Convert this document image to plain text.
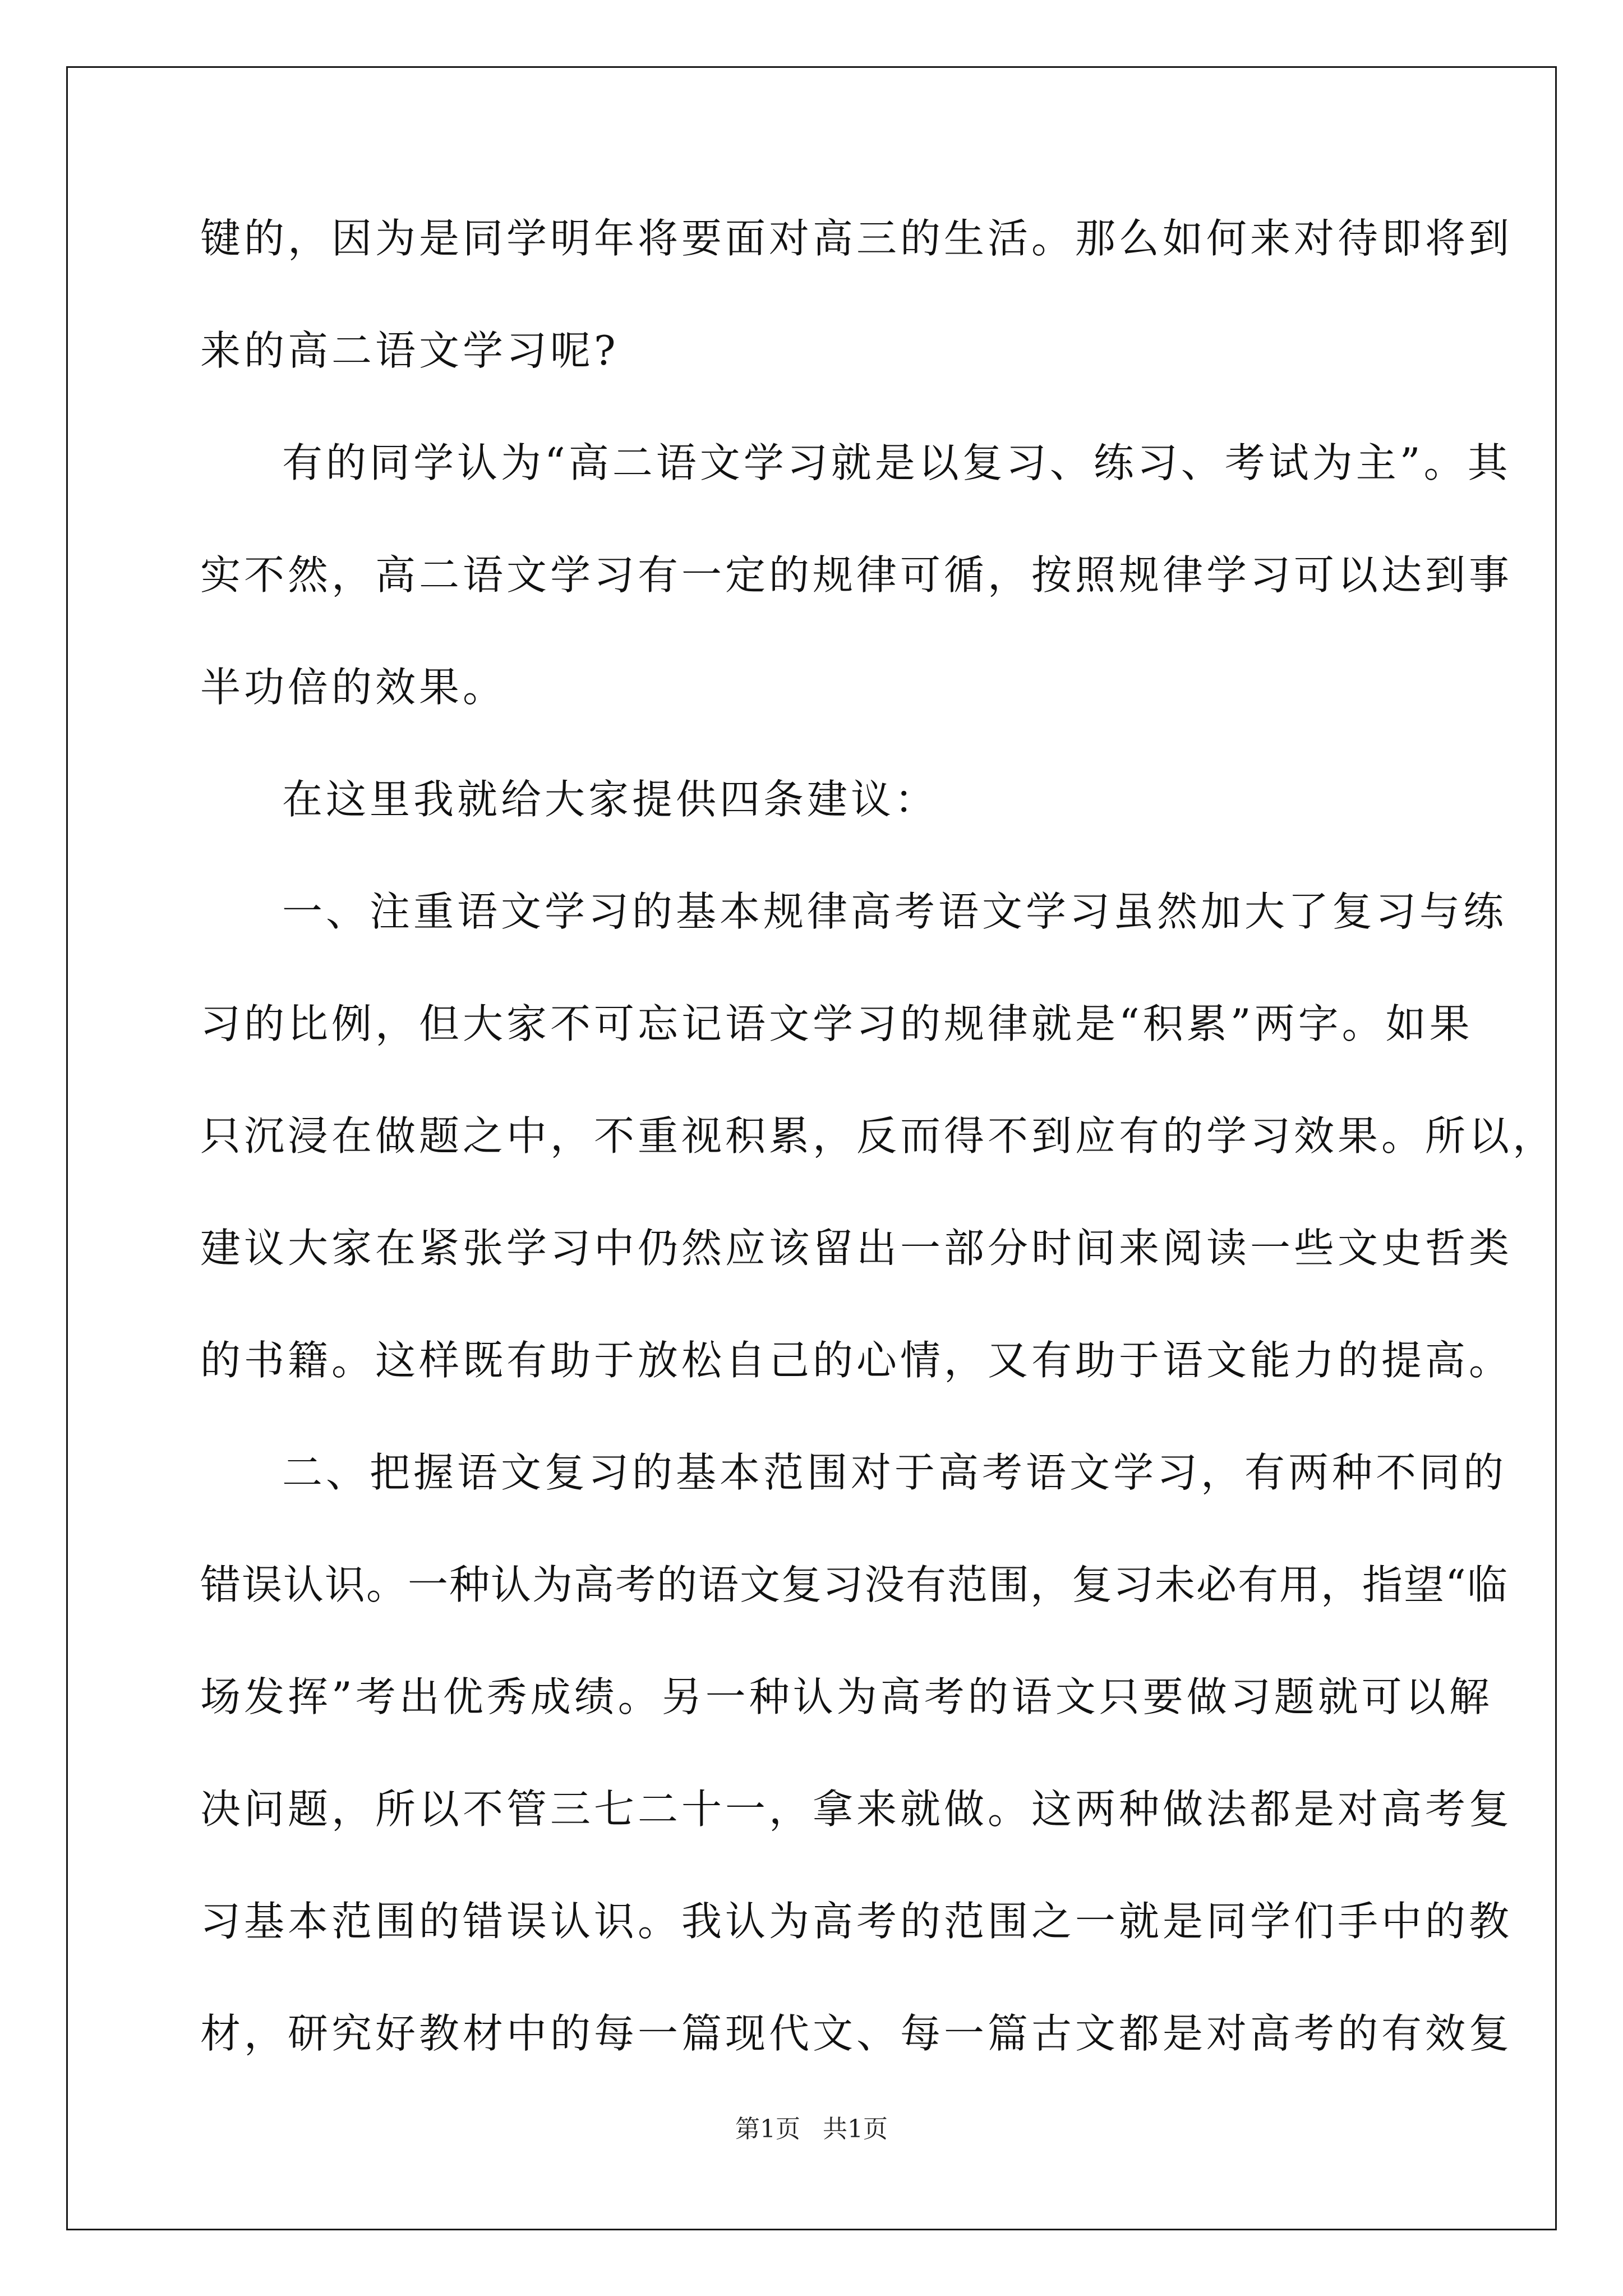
键的，因为是同学明年将要面对高三的生活。那么如何来对待即将到
来的高二语文学习呢?
有的同学认为“高二语文学习就是以复习、练习、考试为主”。其
实不然，高二语文学习有一定的规律可循，按照规律学习可以达到事
半功倍的效果。
在这里我就给大家提供四条建议：
一、注重语文学习的基本规律高考语文学习虽然加大了复习与练
习的比例，但大家不可忘记语文学习的规律就是“积累”两字。如果
只沉浸在做题之中，不重视积累，反而得不到应有的学习效果。所以，
建议大家在紧张学习中仍然应该留出一部分时间来阅读一些文史哲类
的书籍。这样既有助于放松自己的心情，又有助于语文能力的提高。
二、把握语文复习的基本范围对于高考语文学习，有两种不同的
错误认识。一种认为高考的语文复习没有范围，复习未必有用，指望“临
场发挥”考出优秀成绩。另一种认为高考的语文只要做习题就可以解
决问题，所以不管三七二十一，拿来就做。这两种做法都是对高考复
习基本范围的错误认识。我认为高考的范围之一就是同学们手中的教
材，研究好教材中的每一篇现代文、每一篇古文都是对高考的有效复
第1页 共1页
